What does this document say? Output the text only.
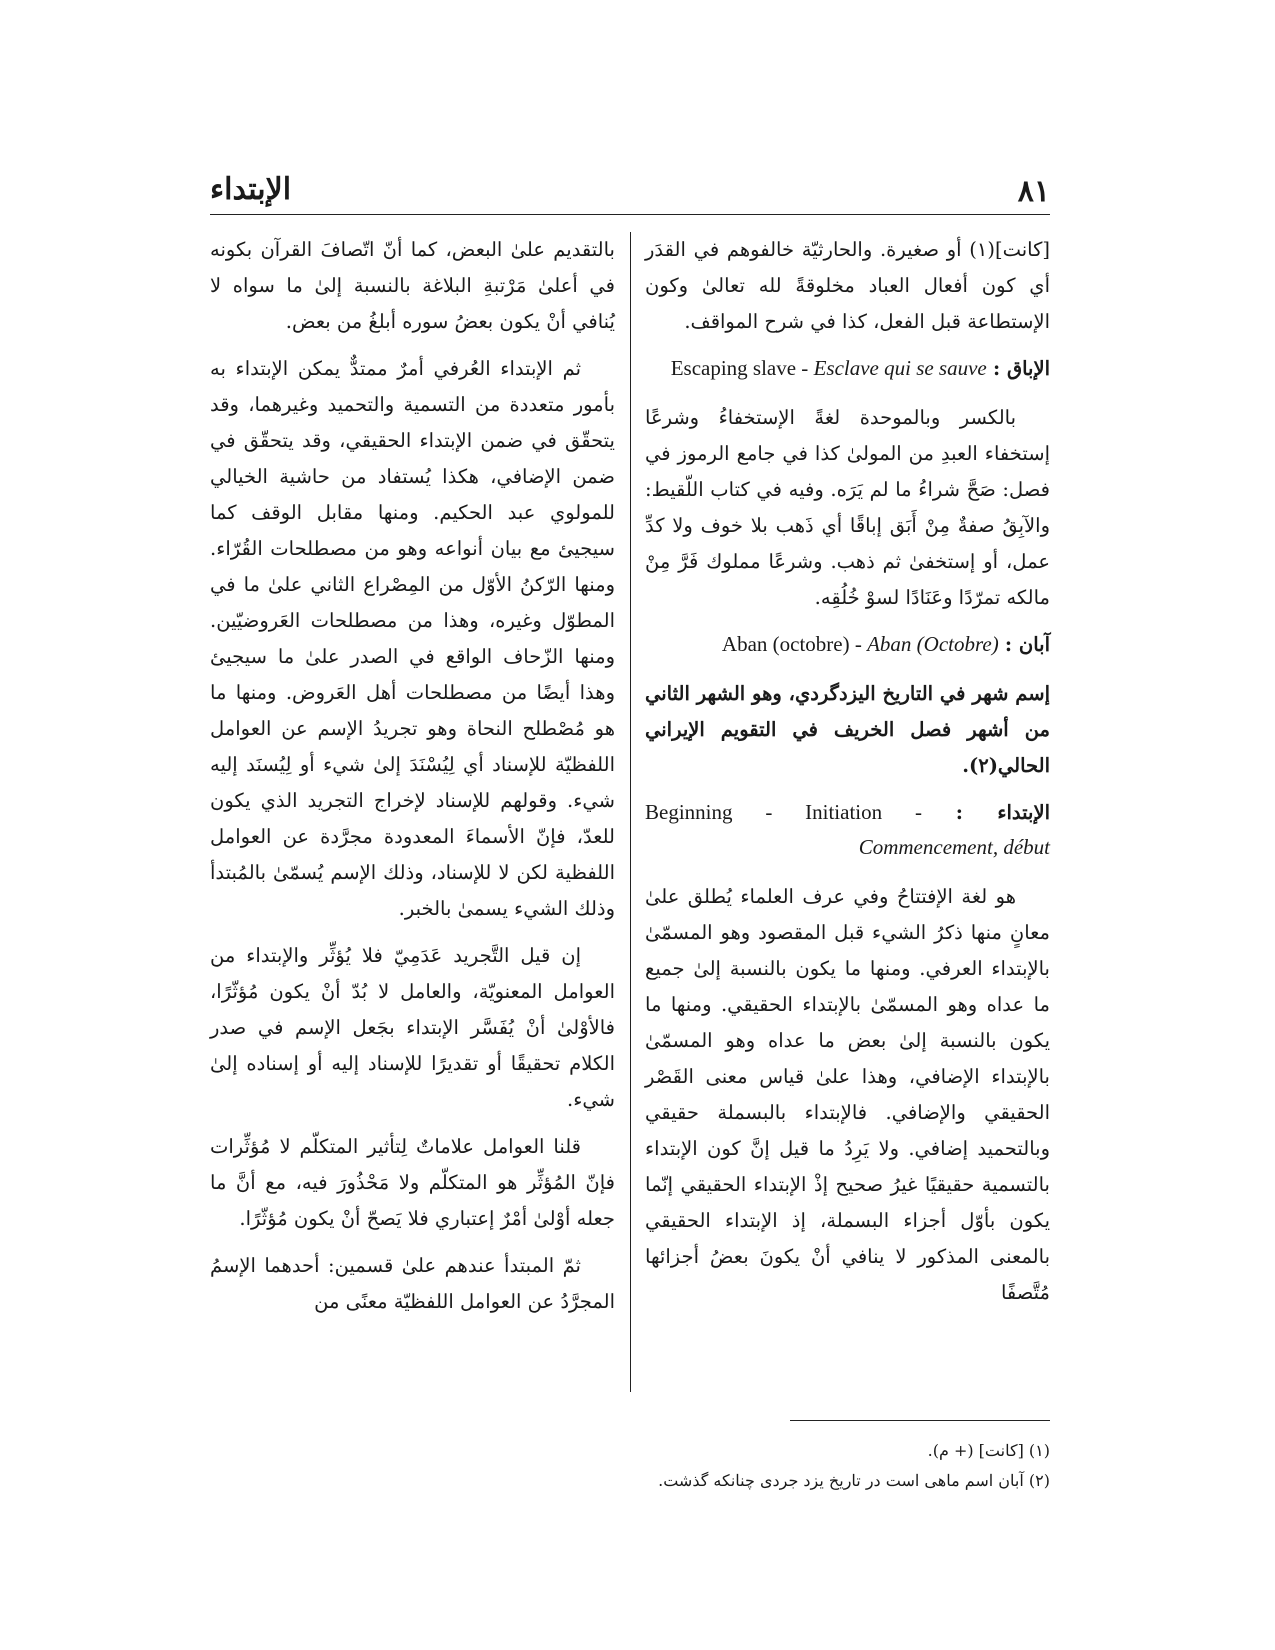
٨١
الإبتداء

[كانت](١) أو صغيرة. والحارثيّة خالفوهم في القدَر أي كون أفعال العباد مخلوقةً لله تعالىٰ وكون الإستطاعة قبل الفعل، كذا في شرح المواقف.

الإباق : Escaping slave - Esclave qui se sauve

بالكسر وبالموحدة لغةً الإستخفاءُ وشرعًا إستخفاء العبدِ من المولىٰ كذا في جامع الرموز في فصل: صَحَّ شراءُ ما لم يَرَه. وفيه في كتاب اللّقيط: والآبِقُ صفةٌ مِنْ أَبَق إباقًا أي ذَهب بلا خوف ولا كدِّ عمل، أو إستخفىٰ ثم ذهب. وشرعًا مملوك فَرَّ مِنْ مالكه تمرّدًا وعَنَادًا لسوْ خُلُقِه.

آبان : Aban (octobre) - Aban (Octobre)

إسم شهر في التاريخ اليزدگردي، وهو الشهر الثاني من أشهر فصل الخريف في التقويم الإيراني الحالي(٢).

الإبتداء : Beginning - Initiation - Commencement, début

هو لغة الإفتتاحُ وفي عرف العلماء يُطلق علىٰ معانٍ منها ذكرُ الشيء قبل المقصود وهو المسمّىٰ بالإبتداء العرفي. ومنها ما يكون بالنسبة إلىٰ جميع ما عداه وهو المسمّىٰ بالإبتداء الحقيقي. ومنها ما يكون بالنسبة إلىٰ بعض ما عداه وهو المسمّىٰ بالإبتداء الإضافي، وهذا علىٰ قياس معنى القَصْر الحقيقي والإضافي. فالإبتداء بالبسملة حقيقي وبالتحميد إضافي. ولا يَرِدُ ما قيل إنَّ كون الإبتداء بالتسمية حقيقيًا غيرُ صحيح إذْ الإبتداء الحقيقي إنّما يكون بأوّل أجزاء البسملة، إذ الإبتداء الحقيقي بالمعنى المذكور لا ينافي أنْ يكونَ بعضُ أجزائها مُتَّصفًا

بالتقديم علىٰ البعض، كما أنّ اتّصافَ القرآن بكونه في أعلىٰ مَرْتبةِ البلاغة بالنسبة إلىٰ ما سواه لا يُنافي أنْ يكون بعضُ سوره أبلغُ من بعض.

ثم الإبتداء العُرفي أمرٌ ممتدٌّ يمكن الإبتداء به بأمور متعددة من التسمية والتحميد وغيرهما، وقد يتحقّق في ضمن الإبتداء الحقيقي، وقد يتحقّق في ضمن الإضافي، هكذا يُستفاد من حاشية الخيالي للمولوي عبد الحكيم. ومنها مقابل الوقف كما سيجيئ مع بيان أنواعه وهو من مصطلحات القُرّاء. ومنها الرّكنُ الأوّل من المِصْراع الثاني علىٰ ما في المطوّل وغيره، وهذا من مصطلحات العَروضيّين. ومنها الزّحاف الواقع في الصدر علىٰ ما سيجيئ وهذا أيضًا من مصطلحات أهل العَروض. ومنها ما هو مُصْطلح النحاة وهو تجريدُ الإسم عن العوامل اللفظيّة للإسناد أي لِيُسْنَدَ إلىٰ شيء أو لِيُسنَد إليه شيء. وقولهم للإسناد لإخراج التجريد الذي يكون للعدّ، فإنّ الأسماءَ المعدودة مجرَّدة عن العوامل اللفظية لكن لا للإسناد، وذلك الإسم يُسمّىٰ بالمُبتدأ وذلك الشيء يسمىٰ بالخبر.

إن قيل التَّجريد عَدَمِيّ فلا يُؤثِّر والإبتداء من العوامل المعنويّة، والعامل لا بُدّ أنْ يكون مُؤثّرًا، فالأوْلىٰ أنْ يُفَسَّر الإبتداء بجَعل الإسم في صدر الكلام تحقيقًا أو تقديرًا للإسناد إليه أو إسناده إلىٰ شيء.

قلنا العوامل علاماتٌ لِتأثير المتكلّم لا مُؤثِّرات فإنّ المُؤثِّر هو المتكلّم ولا مَحْذُورَ فيه، مع أنَّ ما جعله أوْلىٰ أمْرٌ إعتباري فلا يَصحّ أنْ يكون مُؤثّرًا.

ثمّ المبتدأ عندهم علىٰ قسمين: أحدهما الإسمُ المجرَّدُ عن العوامل اللفظيّة معنًى من

(١) [كانت] (+ م).
(٢) آبان اسم ماهى است در تاريخ يزد جردى چنانكه گذشت.
